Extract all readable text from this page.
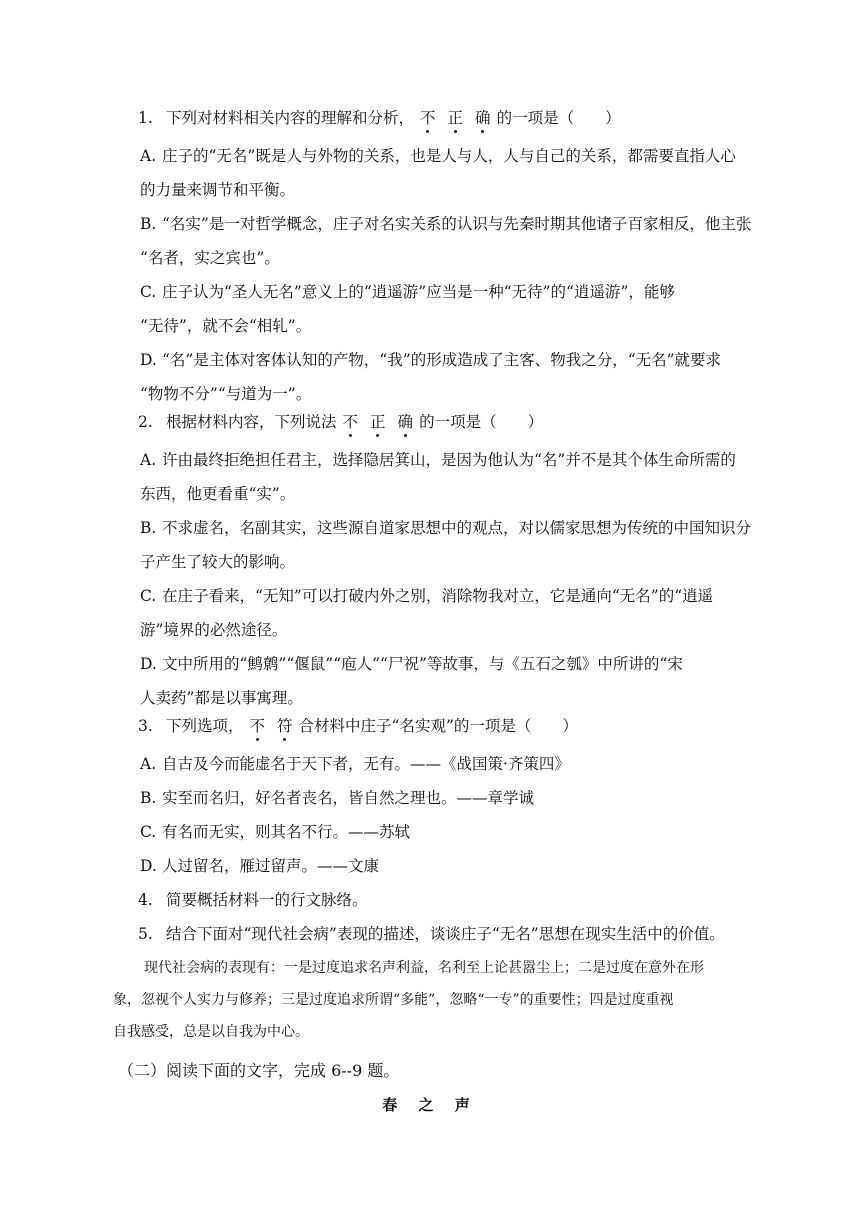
1. 下列对材料相关内容的理解和分析， 不 正 确 的一项是（　　）
A. 庄子的“无名”既是人与外物的关系，也是人与人，人与自己的关系，都需要直指人心
的力量来调节和平衡。
B. “名实”是一对哲学概念，庄子对名实关系的认识与先秦时期其他诸子百家相反，他主张
“名者，实之宾也”。
C. 庄子认为“圣人无名”意义上的“逍遥游”应当是一种“无待”的“逍遥游”，能够
“无待”，就不会“相轧”。
D. “名”是主体对客体认知的产物，“我”的形成造成了主客、物我之分，“无名”就要求
“物物不分”“与道为一”。
2. 根据材料内容，下列说法 不 正 确 的一项是（　　）
A. 许由最终拒绝担任君主，选择隐居箕山，是因为他认为“名”并不是其个体生命所需的
东西，他更看重“实”。
B. 不求虚名，名副其实，这些源自道家思想中的观点，对以儒家思想为传统的中国知识分
子产生了较大的影响。
C. 在庄子看来，“无知”可以打破内外之别，消除物我对立，它是通向“无名”的“逍遥
游”境界的必然途径。
D. 文中所用的“鹪鹩”“偃鼠”“庖人”“尸祝”等故事，与《五石之瓠》中所讲的“宋
人卖药”都是以事寓理。
3. 下列选项， 不 符 合材料中庄子“名实观”的一项是（　　）
A. 自古及今而能虚名于天下者，无有。——《战国策·齐策四》
B. 实至而名归，好名者丧名，皆自然之理也。——章学诚
C. 有名而无实，则其名不行。——苏轼
D. 人过留名，雁过留声。——文康
4. 简要概括材料一的行文脉络。
5. 结合下面对“现代社会病”表现的描述，谈谈庄子“无名”思想在现实生活中的价值。
现代社会病的表现有：一是过度追求名声利益，名利至上论甚嚣尘上；二是过度在意外在形
象，忽视个人实力与修养；三是过度追求所谓“多能”，忽略“一专”的重要性；四是过度重视
自我感受，总是以自我为中心。
（二）阅读下面的文字，完成 6--9 题。
春 之 声
